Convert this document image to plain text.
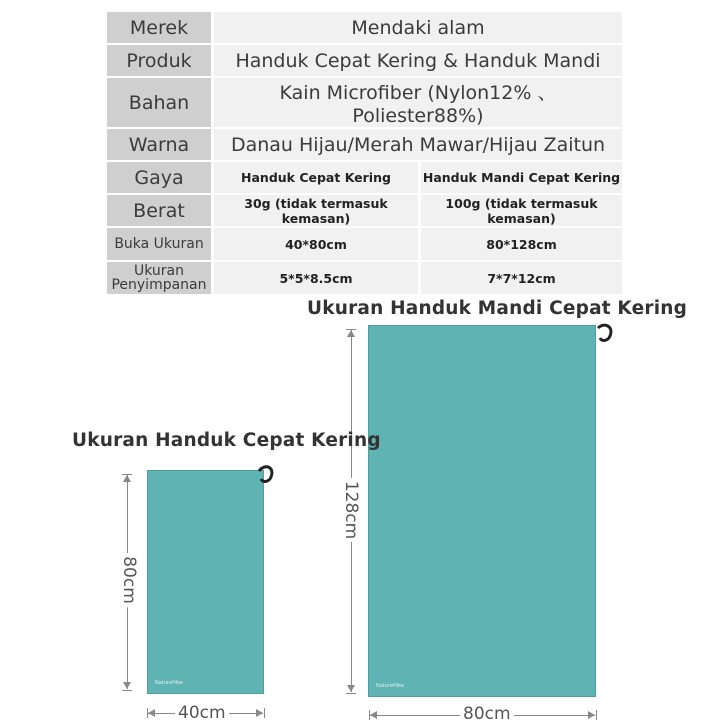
Merek	Mendaki alam	
Produk	Handuk Cepat Kering & Handuk Mandi	
Bahan	Kain Microfiber (Nylon12% 、Poliester88%)	
Warna	Danau Hijau/Merah Mawar/Hijau Zaitun	
Gaya	Handuk Cepat Kering	Handuk Mandi Cepat Kering
Berat	30g (tidak termasuk kemasan)	100g (tidak termasuk kemasan)
Buka Ukuran	40*80cm	80*128cm
Ukuran
Penyimpanan	5*5*8.5cm	7*7*12cm
Ukuran Handuk Mandi Cepat Kering
NatureHike
128cm
80cm
Ukuran Handuk Cepat Kering
NatureHike
80cm
40cm
